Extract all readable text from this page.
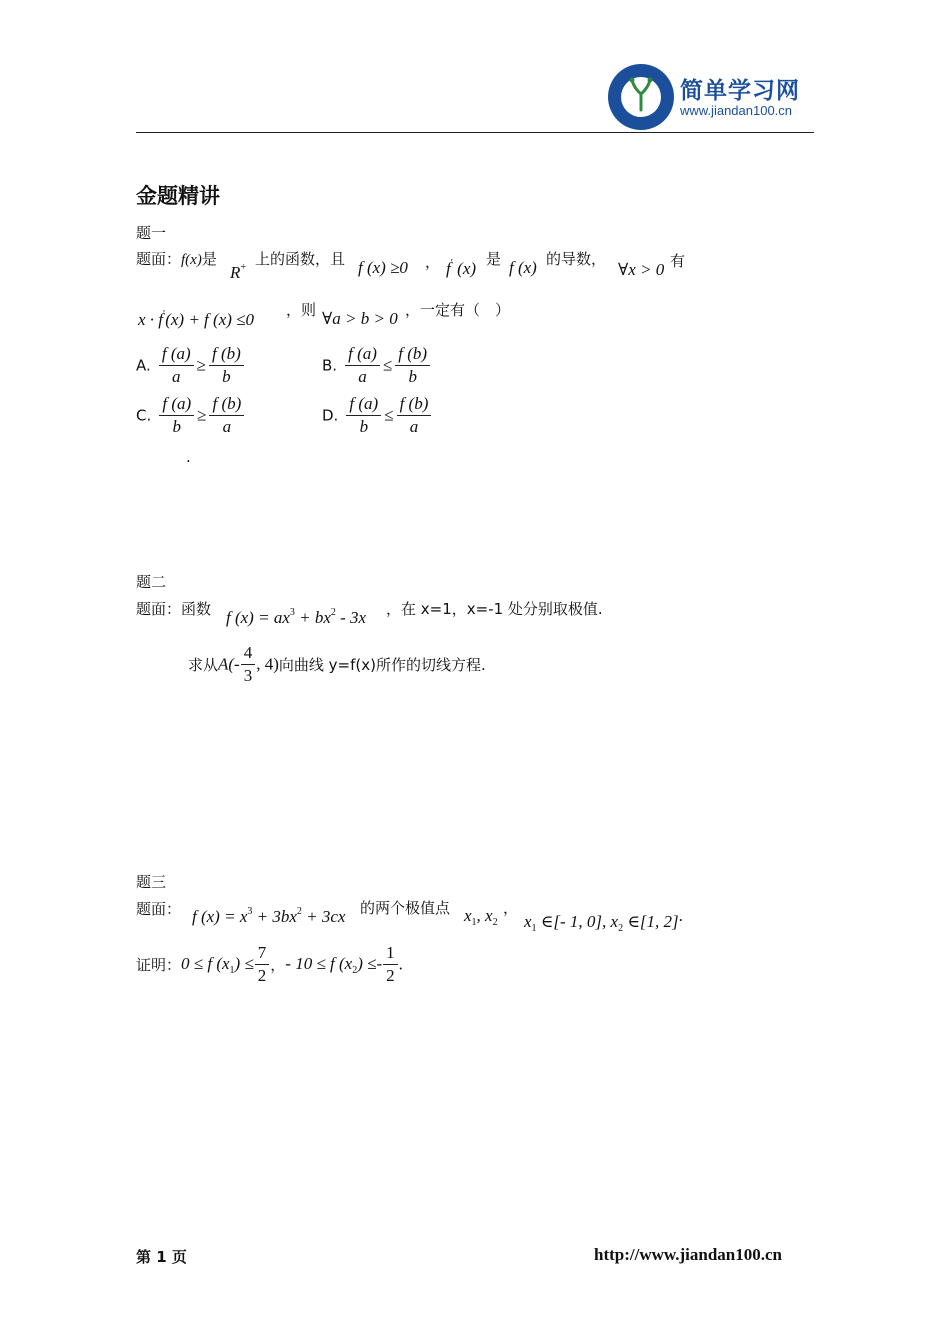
简单学习网
www.jiandan100.cn
金题精讲
题一
题面：f(x)是
R+ 上的函数，且 f (x) ≥0 ， f′ (x) 是 f (x) 的导数，
∀x > 0 有
x · f′(x) + f (x) ≤0 ，则 ∀a > b > 0 ，一定有（　）
A. $\frac{f (a)}{a} \ge \frac{f (b)}{b}$	B. $\frac{f (a)}{a} \le \frac{f (b)}{b}$
C. $\frac{f (a)}{b} \ge \frac{f (b)}{a}$	D. $\frac{f (a)}{b} \le \frac{f (b)}{a}$
.
题二
题面：函数 f $(x) = ax^3 + bx^2 - 3x$ ，在 x=1，x=-1 处分别取极值.
求从$A(- \frac{4}{3}$ , 4)向曲线 y=f(x)所作的切线方程.
题三
题面： f $(x) = x^3 + 3bx^2 + 3cx$ 的两个极值点 $x_1$, $x_2$
，
$x_1$ ∈[- 1, 0], $x_2$ ∈[1, 2].
证明：0 ≤ f $(x_1) \le \frac{7}{2}$ ，- 10 ≤ f $(x_2) \le- \frac{1}{2}$ .
第 1 页	http://www.jiandan100.cn
